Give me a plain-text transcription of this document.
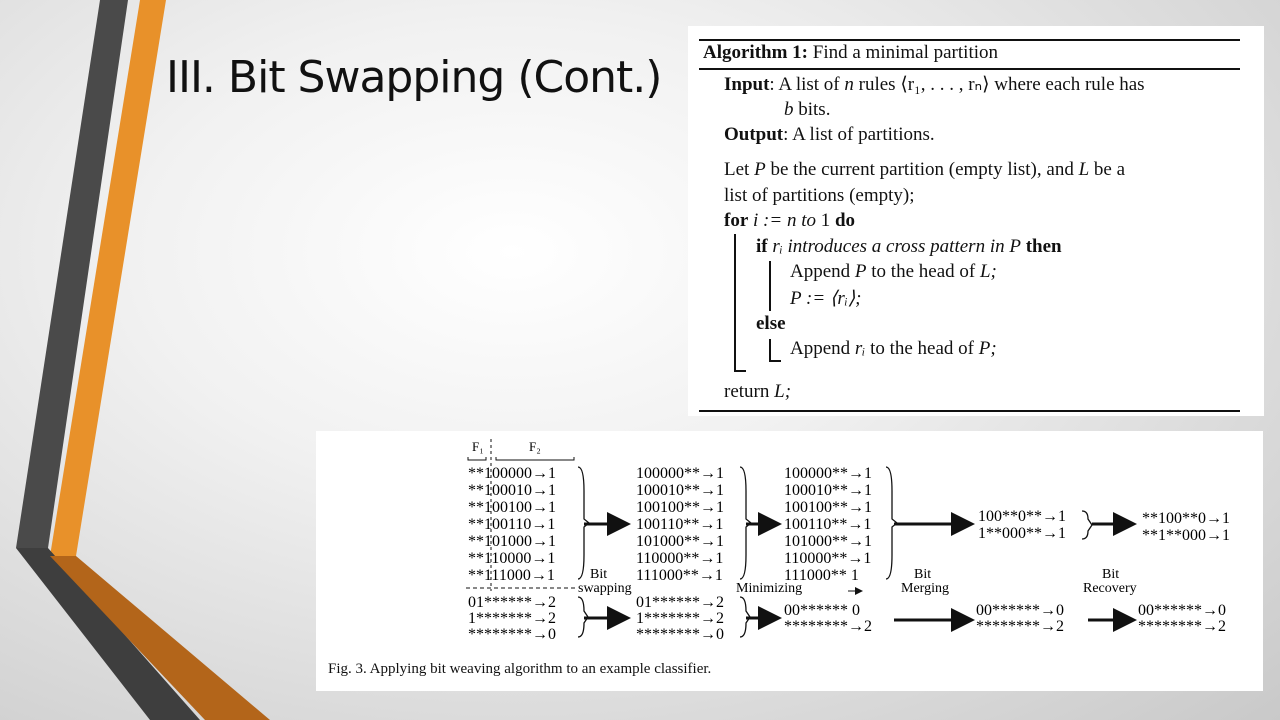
III. Bit Swapping (Cont.) Algorithm 1: Find a minimal partition
Input: A list of n rules ⟨r₁, . . . , rₙ⟩ where each rule has
b bits.
Output: A list of partitions.
Let P be the current partition (empty list), and L be a
list of partitions (empty);
for i := n to 1 do
if rᵢ introduces a cross pattern in P then
Append P to the head of L;
P := ⟨rᵢ⟩;
else
Append rᵢ to the head of P;
return L;
F₁	F₂
**100000→1
**100010→1
**100100→1
**100110→1
**101000→1
**110000→1
**111000→1
01******→2
1*******→2
********→0
Bit
swapping
100000**→1
100010**→1
100100**→1
100110**→1
101000**→1
110000**→1
111000**→1
01******→2
1*******→2
********→0
Minimizing
100000**→1
100010**→1
100100**→1
100110**→1
101000**→1
110000**→1
111000** 1
00****** 0
********→2
Bit
Merging
100**0**→1
1**000**→1
00******→0
********→2
Bit
Recovery
**100**0→1
**1**000→1
00******→0
********→2
Fig. 3. Applying bit weaving algorithm to an example classifier.
